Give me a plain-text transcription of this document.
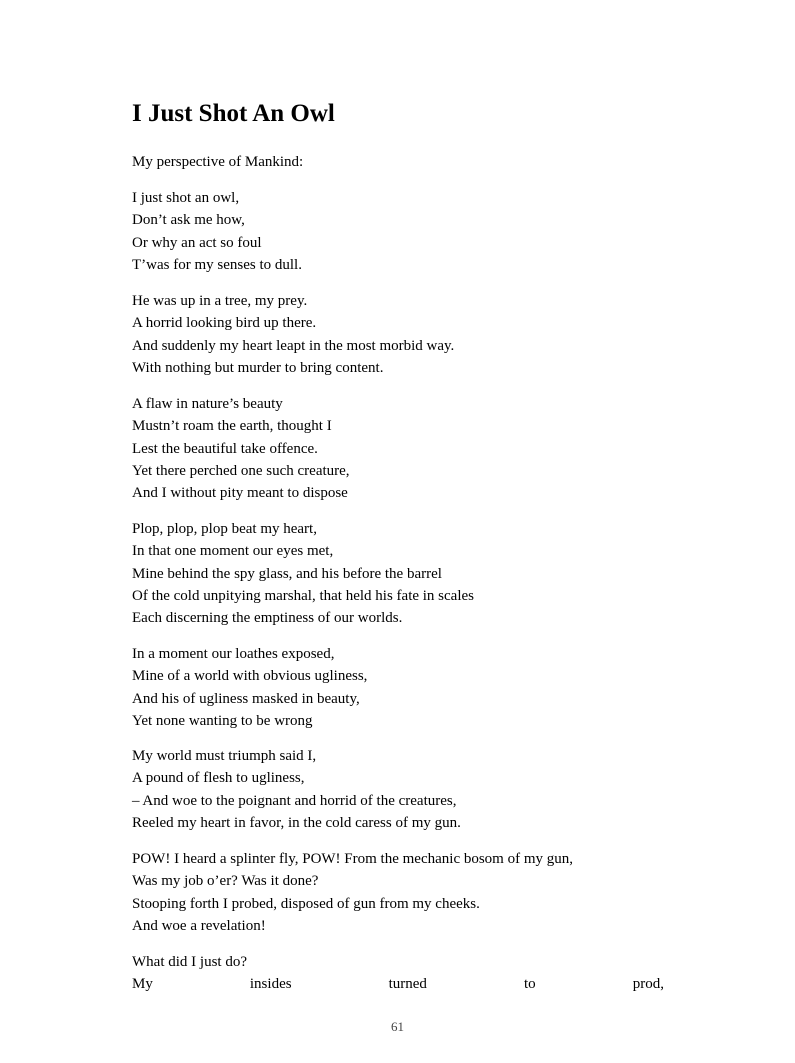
I Just Shot An Owl

My perspective of Mankind:

I just shot an owl,
Don’t ask me how,
Or why an act so foul
T’was for my senses to dull.
He was up in a tree, my prey.
A horrid looking bird up there.
And suddenly my heart leapt in the most morbid way.
With nothing but murder to bring content.
A flaw in nature’s beauty
Mustn’t roam the earth, thought I
Lest the beautiful take offence.
Yet there perched one such creature,
And I without pity meant to dispose
Plop, plop, plop beat my heart,
In that one moment our eyes met,
Mine behind the spy glass, and his before the barrel
Of the cold unpitying marshal, that held his fate in scales
Each discerning the emptiness of our worlds.
In a moment our loathes exposed,
Mine of a world with obvious ugliness,
And his of ugliness masked in beauty,
Yet none wanting to be wrong
My world must triumph said I,
A pound of flesh to ugliness,
– And woe to the poignant and horrid of the creatures,
Reeled my heart in favor, in the cold caress of my gun.
POW! I heard a splinter fly, POW! From the mechanic bosom of my gun,
Was my job o’er? Was it done?
Stooping forth I probed, disposed of gun from my cheeks.
And woe a revelation!
What did I just do?
My	insides	turned	to	prod,
61
